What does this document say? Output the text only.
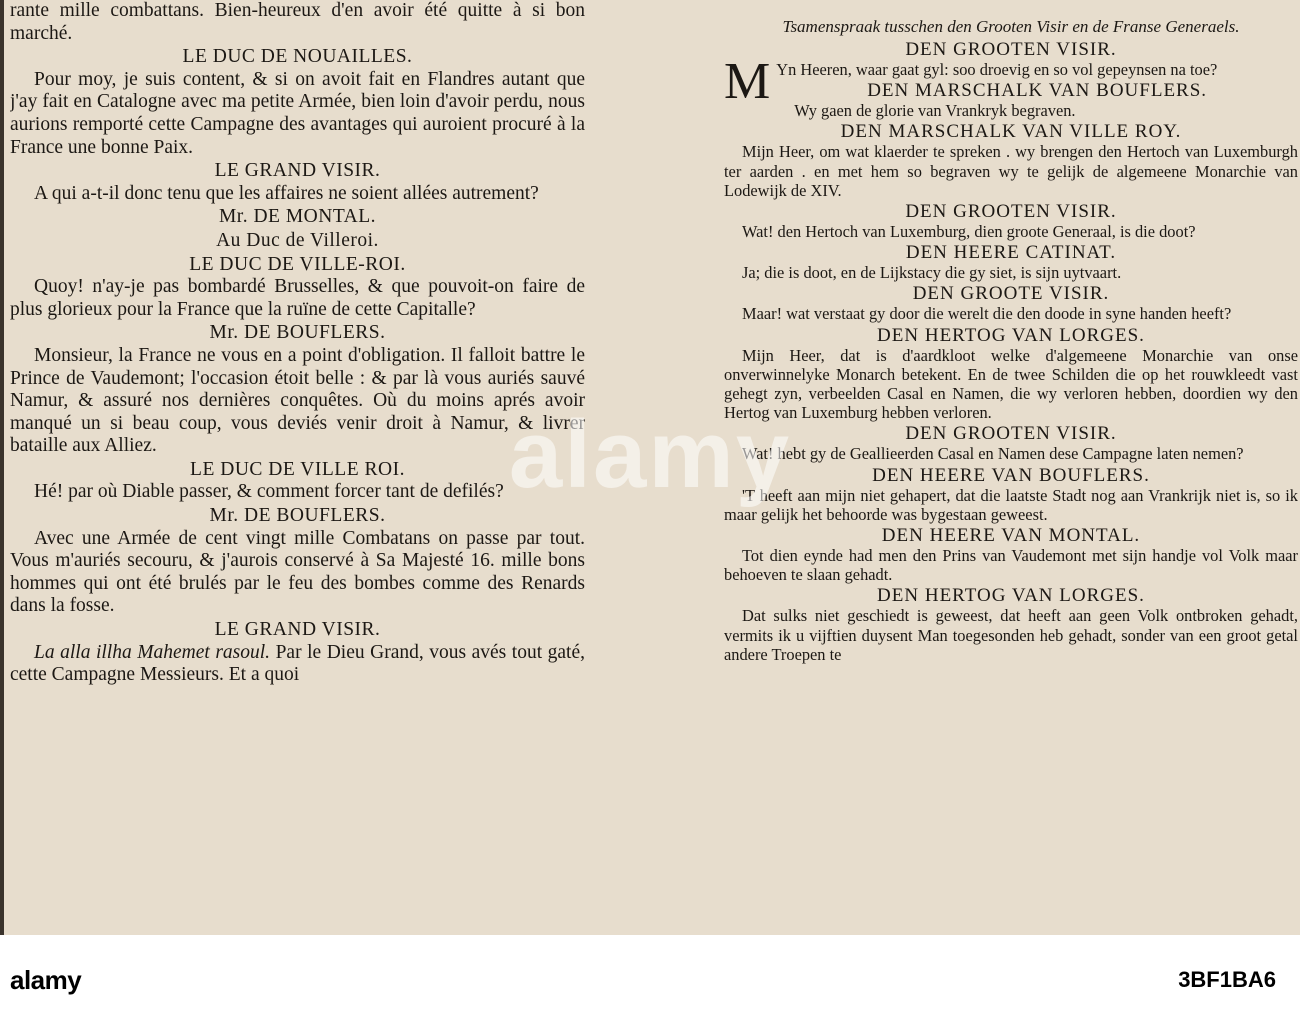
rante mille combattans. Bien-heureux d'en avoir été quitte à si bon marché.

LE DUC DE NOUAILLES.

Pour moy, je suis content, & si on avoit fait en Flandres autant que j'ay fait en Catalogne avec ma petite Armée, bien loin d'avoir perdu, nous aurions remporté cette Campagne des avantages qui auroient procuré à la France une bonne Paix.

LE GRAND VISIR.

A qui a-t-il donc tenu que les affaires ne soient allées autrement?

Mr. DE MONTAL.
Au Duc de Villeroi.
LE DUC DE VILLE-ROI.

Quoy! n'ay-je pas bombardé Brusselles, & que pouvoit-on faire de plus glorieux pour la France que la ruïne de cette Capitalle?

Mr. DE BOUFLERS.

Monsieur, la France ne vous en a point d'obligation. Il falloit battre le Prince de Vaudemont; l'occasion étoit belle : & par là vous auriés sauvé Namur, & assuré nos dernières conquêtes. Où du moins aprés avoir manqué un si beau coup, vous deviés venir droit à Namur, & livrer bataille aux Alliez.

LE DUC DE VILLE ROI.

Hé! par où Diable passer, & comment forcer tant de defilés?

Mr. DE BOUFLERS.

Avec une Armée de cent vingt mille Combatans on passe par tout. Vous m'auriés secouru, & j'aurois conservé à Sa Majesté 16. mille bons hommes qui ont été brulés par le feu des bombes comme des Renards dans la fosse.

LE GRAND VISIR.

La alla illha Mahemet rasoul. Par le Dieu Grand, vous avés tout gaté, cette Campagne Messieurs. Et a quoi

Tsamenspraak tusschen den Grooten Visir en de Franse Generaels.
DEN GROOTEN VISIR.

M Yn Heeren, waar gaat gyl: soo droevig en so vol gepeynsen na toe?

DEN MARSCHALK VAN BOUFLERS.

Wy gaen de glorie van Vrankryk begraven.

DEN MARSCHALK VAN VILLE ROY.

Mijn Heer, om wat klaerder te spreken . wy brengen den Hertoch van Luxemburgh ter aarden . en met hem so begraven wy te gelijk de algemeene Monarchie van Lodewijk de XIV.

DEN GROOTEN VISIR.

Wat! den Hertoch van Luxemburg, dien groote Generaal, is die doot?

DEN HEERE CATINAT.

Ja; die is doot, en de Lijkstacy die gy siet, is sijn uytvaart.

DEN GROOTE VISIR.

Maar! wat verstaat gy door die werelt die den doode in syne handen heeft?

DEN HERTOG VAN LORGES.

Mijn Heer, dat is d'aardkloot welke d'algemeene Monarchie van onse onverwinnelyke Monarch betekent. En de twee Schilden die op het rouwkleedt vast gehegt zyn, verbeelden Casal en Namen, die wy verloren hebben, doordien wy den Hertog van Luxemburg hebben verloren.

DEN GROOTEN VISIR.

Wat! hebt gy de Geallieerden Casal en Namen dese Campagne laten nemen?

DEN HEERE VAN BOUFLERS.

'T heeft aan mijn niet gehapert, dat die laatste Stadt nog aan Vrankrijk niet is, so ik maar gelijk het behoorde was bygestaan geweest.

DEN HEERE VAN MONTAL.

Tot dien eynde had men den Prins van Vaudemont met sijn handje vol Volk maar behoeven te slaan gehadt.

DEN HERTOG VAN LORGES.

Dat sulks niet geschiedt is geweest, dat heeft aan geen Volk ontbroken gehadt, vermits ik u vijftien duysent Man toegesonden heb gehadt, sonder van een groot getal andere Troepen te

alamy
alamy	3BF1BA6
